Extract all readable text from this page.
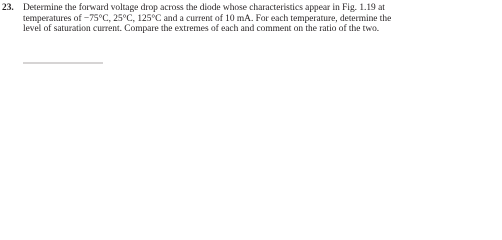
23. Determine the forward voltage drop across the diode whose characteristics appear in Fig. 1.19 at
temperatures of −75°C, 25°C, 125°C and a current of 10 mA. For each temperature, determine the
level of saturation current. Compare the extremes of each and comment on the ratio of the two.
